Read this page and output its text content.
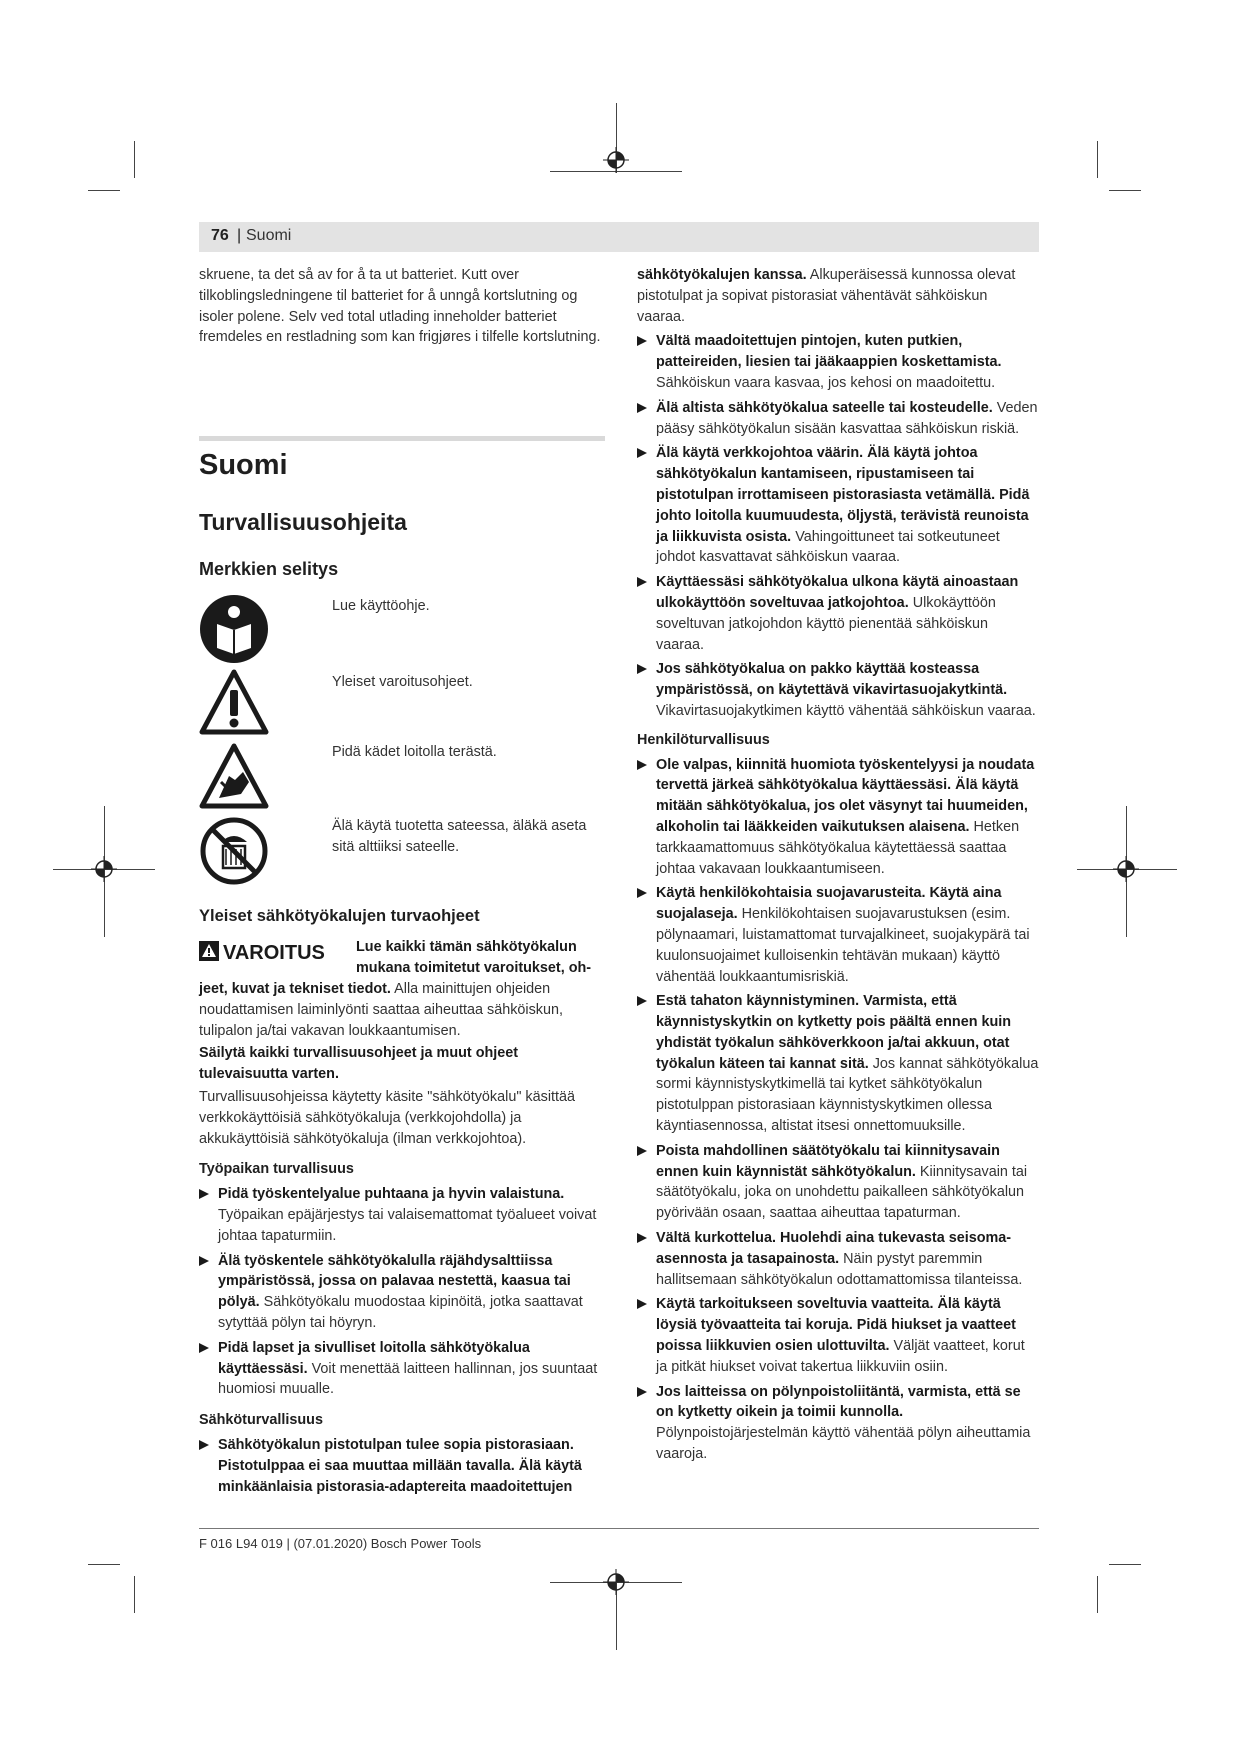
76 | Suomi

skruene, ta det så av for å ta ut batteriet. Kutt over tilkoblingsledningene til batteriet for å unngå kortslutning og isoler polene. Selv ved total utlading inneholder batteriet fremdeles en restladning som kan frigjøres i tilfelle kortslutning.

Suomi
Turvallisuusohjeita
Merkkien selitys
Lue käyttöohje.
Yleiset varoitusohjeet.
Pidä kädet loitolla terästä.
Älä käytä tuotetta sateessa, äläkä aseta sitä alttiiksi sateelle.
Yleiset sähkötyökalujen turvaohjeet
VAROITUS Lue kaikki tämän sähkötyökalun mukana toimitetut varoitukset, oh-

jeet, kuvat ja tekniset tiedot. Alla mainittujen ohjeiden noudattamisen laiminlyönti saattaa aiheuttaa sähköiskun, tulipalon ja/tai vakavan loukkaantumisen.

Säilytä kaikki turvallisuusohjeet ja muut ohjeet tulevaisuutta varten.

Turvallisuusohjeissa käytetty käsite "sähkötyökalu" käsittää verkkokäyttöisiä sähkötyökaluja (verkkojohdolla) ja akkukäyttöisiä sähkötyökaluja (ilman verkkojohtoa).

Työpaikan turvallisuus
Pidä työskentelyalue puhtaana ja hyvin valaistuna. Työpaikan epäjärjestys tai valaisemattomat työalueet voivat johtaa tapaturmiin.
Älä työskentele sähkötyökalulla räjähdysalttiissa ympäristössä, jossa on palavaa nestettä, kaasua tai pölyä. Sähkötyökalu muodostaa kipinöitä, jotka saattavat sytyttää pölyn tai höyryn.
Pidä lapset ja sivulliset loitolla sähkötyökalua käyttäessäsi. Voit menettää laitteen hallinnan, jos suuntaat huomiosi muualle.
Sähköturvallisuus
Sähkötyökalun pistotulpan tulee sopia pistorasiaan. Pistotulppaa ei saa muuttaa millään tavalla. Älä käytä minkäänlaisia pistorasia-adaptereita maadoitettujen

sähkötyökalujen kanssa. Alkuperäisessä kunnossa olevat pistotulpat ja sopivat pistorasiat vähentävät sähköiskun vaaraa.

Vältä maadoitettujen pintojen, kuten putkien, patteireiden, liesien tai jääkaappien koskettamista. Sähköiskun vaara kasvaa, jos kehosi on maadoitettu.
Älä altista sähkötyökalua sateelle tai kosteudelle. Veden pääsy sähkötyökalun sisään kasvattaa sähköiskun riskiä.
Älä käytä verkkojohtoa väärin. Älä käytä johtoa sähkötyökalun kantamiseen, ripustamiseen tai pistotulpan irrottamiseen pistorasiasta vetämällä. Pidä johto loitolla kuumuudesta, öljystä, terävistä reunoista ja liikkuvista osista. Vahingoittuneet tai sotkeutuneet johdot kasvattavat sähköiskun vaaraa.
Käyttäessäsi sähkötyökalua ulkona käytä ainoastaan ulkokäyttöön soveltuvaa jatkojohtoa. Ulkokäyttöön soveltuvan jatkojohdon käyttö pienentää sähköiskun vaaraa.
Jos sähkötyökalua on pakko käyttää kosteassa ympäristössä, on käytettävä vikavirtasuojakytkintä. Vikavirtasuojakytkimen käyttö vähentää sähköiskun vaaraa.
Henkilöturvallisuus
Ole valpas, kiinnitä huomiota työskentelyysi ja noudata tervettä järkeä sähkötyökalua käyttäessäsi. Älä käytä mitään sähkötyökalua, jos olet väsynyt tai huumeiden, alkoholin tai lääkkeiden vaikutuksen alaisena. Hetken tarkkaamattomuus sähkötyökalua käytettäessä saattaa johtaa vakavaan loukkaantumiseen.
Käytä henkilökohtaisia suojavarusteita. Käytä aina suojalaseja. Henkilökohtaisen suojavarustuksen (esim. pölynaamari, luistamattomat turvajalkineet, suojakypärä tai kuulonsuojaimet kulloisenkin tehtävän mukaan) käyttö vähentää loukkaantumisriskiä.
Estä tahaton käynnistyminen. Varmista, että käynnistyskytkin on kytketty pois päältä ennen kuin yhdistät työkalun sähköverkkoon ja/tai akkuun, otat työkalun käteen tai kannat sitä. Jos kannat sähkötyökalua sormi käynnistyskytkimellä tai kytket sähkötyökalun pistotulppan pistorasiaan käynnistyskytkimen ollessa käyntiasennossa, altistat itsesi onnettomuuksille.
Poista mahdollinen säätötyökalu tai kiinnitysavain ennen kuin käynnistät sähkötyökalun. Kiinnitysavain tai säätötyökalu, joka on unohdettu paikalleen sähkötyökalun pyörivään osaan, saattaa aiheuttaa tapaturman.
Vältä kurkottelua. Huolehdi aina tukevasta seisoma-asennosta ja tasapainosta. Näin pystyt paremmin hallitsemaan sähkötyökalun odottamattomissa tilanteissa.
Käytä tarkoitukseen soveltuvia vaatteita. Älä käytä löysiä työvaatteita tai koruja. Pidä hiukset ja vaatteet poissa liikkuvien osien ulottuvilta. Väljät vaatteet, korut ja pitkät hiukset voivat takertua liikkuviin osiin.
Jos laitteissa on pölynpoistoliitäntä, varmista, että se on kytketty oikein ja toimii kunnolla. Pölynpoistojärjestelmän käyttö vähentää pölyn aiheuttamia vaaroja.
F 016 L94 019 | (07.01.2020) Bosch Power Tools
